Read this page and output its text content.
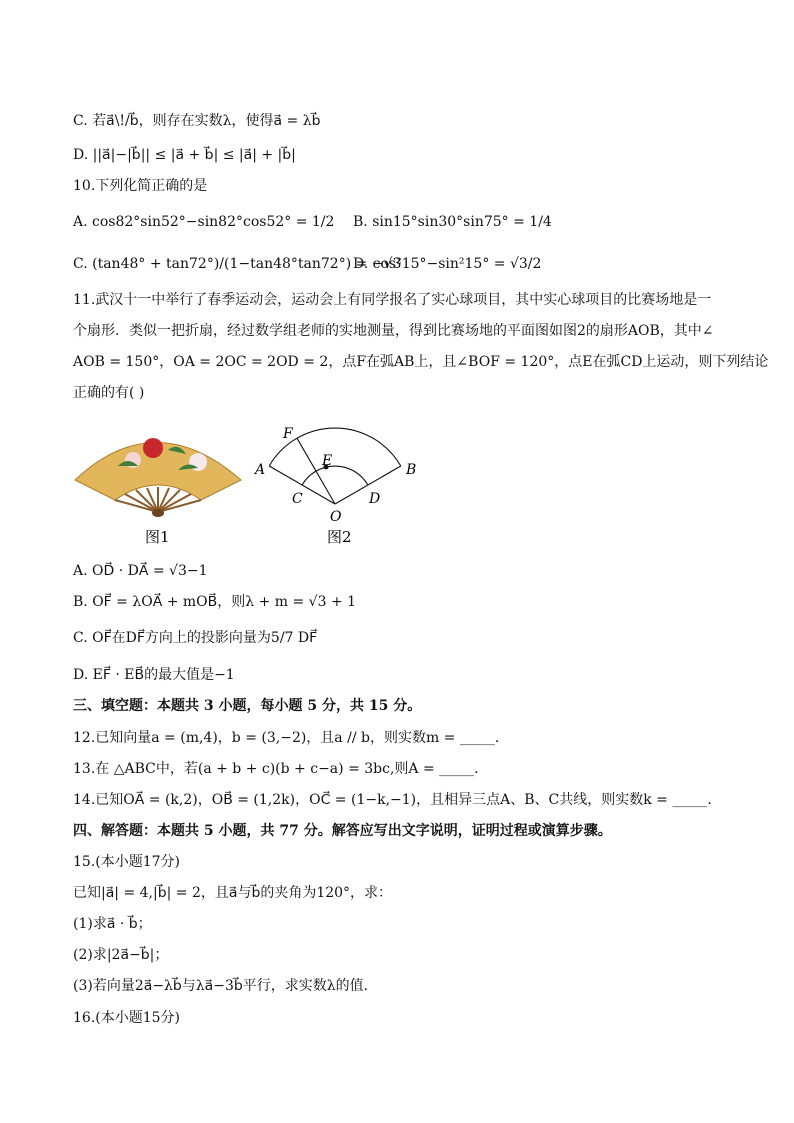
C. 若a⃗\!/b⃗，则存在实数λ，使得a⃗ = λb⃗
D. ||a⃗|−|b⃗|| ≤ |a⃗ + b⃗| ≤ |a⃗| + |b⃗|
10.下列化简正确的是
A. cos82°sin52°−sin82°cos52° = 1/2 B. sin15°sin30°sin75° = 1/4
C. (tan48° + tan72°)/(1−tan48°tan72°) = −√3
D. cos²15°−sin²15° = √3/2
11.武汉十一中举行了春季运动会，运动会上有同学报名了实心球项目，其中实心球项目的比赛场地是一
个扇形．类似一把折扇，经过数学组老师的实地测量，得到比赛场地的平面图如图2的扇形AOB，其中∠
AOB = 150°，OA = 2OC = 2OD = 2，点F在弧AB上，且∠BOF = 120°，点E在弧CD上运动，则下列结论
正确的有( )
图1
F
E
A	B
C	D
O
图2
A. OD⃗ · DA⃗ = √3−1
B. OF⃗ = λOA⃗ + mOB⃗，则λ + m = √3 + 1
C. OF⃗在DF⃗方向上的投影向量为5/7 DF⃗
D. EF⃗ · EB⃗的最大值是−1
三、填空题：本题共 3 小题，每小题 5 分，共 15 分。
12.已知向量a = (m,4)，b = (3,−2)，且a // b，则实数m = _____．
13.在 △ABC中，若(a + b + c)(b + c−a) = 3bc,则A = _____．
14.已知OA⃗ = (k,2)，OB⃗ = (1,2k)，OC⃗ = (1−k,−1)，且相异三点A、B、C共线，则实数k = _____．
四、解答题：本题共 5 小题，共 77 分。解答应写出文字说明，证明过程或演算步骤。
15.(本小题17分)
已知|a⃗| = 4,|b⃗| = 2，且a⃗与b⃗的夹角为120°，求：
(1)求a⃗ · b⃗；
(2)求|2a⃗−b⃗|；
(3)若向量2a⃗−λb⃗与λa⃗−3b⃗平行，求实数λ的值．
16.(本小题15分)
